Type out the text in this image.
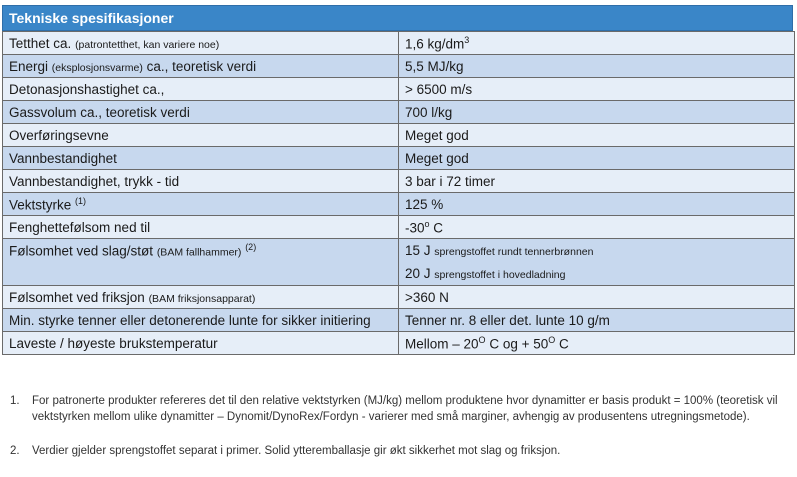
Tekniske spesifikasjoner
Tetthet ca. (patrontetthet, kan variere noe)	1,6 $kg/dm^3$
Energi (eksplosjonsvarme) ca., teoretisk verdi	5,5 MJ/kg
Detonasjonshastighet ca.,	> 6500 m/s
Gassvolum ca., teoretisk verdi	700 l/kg
Overføringsevne	Meget god
Vannbestandighet	Meget god
Vannbestandighet, trykk - tid	3 bar i 72 timer
Vektstyrke $^{(1)}$	125 %
Fenghettefølsom ned til	-30$^o$ C
Følsomhet ved slag/støt (BAM fallhammer) $^{(2)}$	15 J sprengstoffet rundt tennerbrønnen
20 J sprengstoffet i hovedladning

Følsomhet ved friksjon (BAM friksjonsapparat)	>360 N
Min. styrke tenner eller detonerende lunte for sikker initiering	Tenner nr. 8 eller det. lunte 10 g/m
Laveste / høyeste brukstemperatur	Mellom – $20^O$ C og + $50^O$ C
1.	For patronerte produkter refereres det til den relative vektstyrken (MJ/kg) mellom produktene hvor dynamitter er basis produkt = 100% (teoretisk vil vektstyrken mellom ulike dynamitter – Dynomit/DynoRex/Fordyn - varierer med små marginer, avhengig av produsentens utregningsmetode).
2.	Verdier gjelder sprengstoffet separat i primer. Solid ytteremballasje gir økt sikkerhet mot slag og friksjon.
